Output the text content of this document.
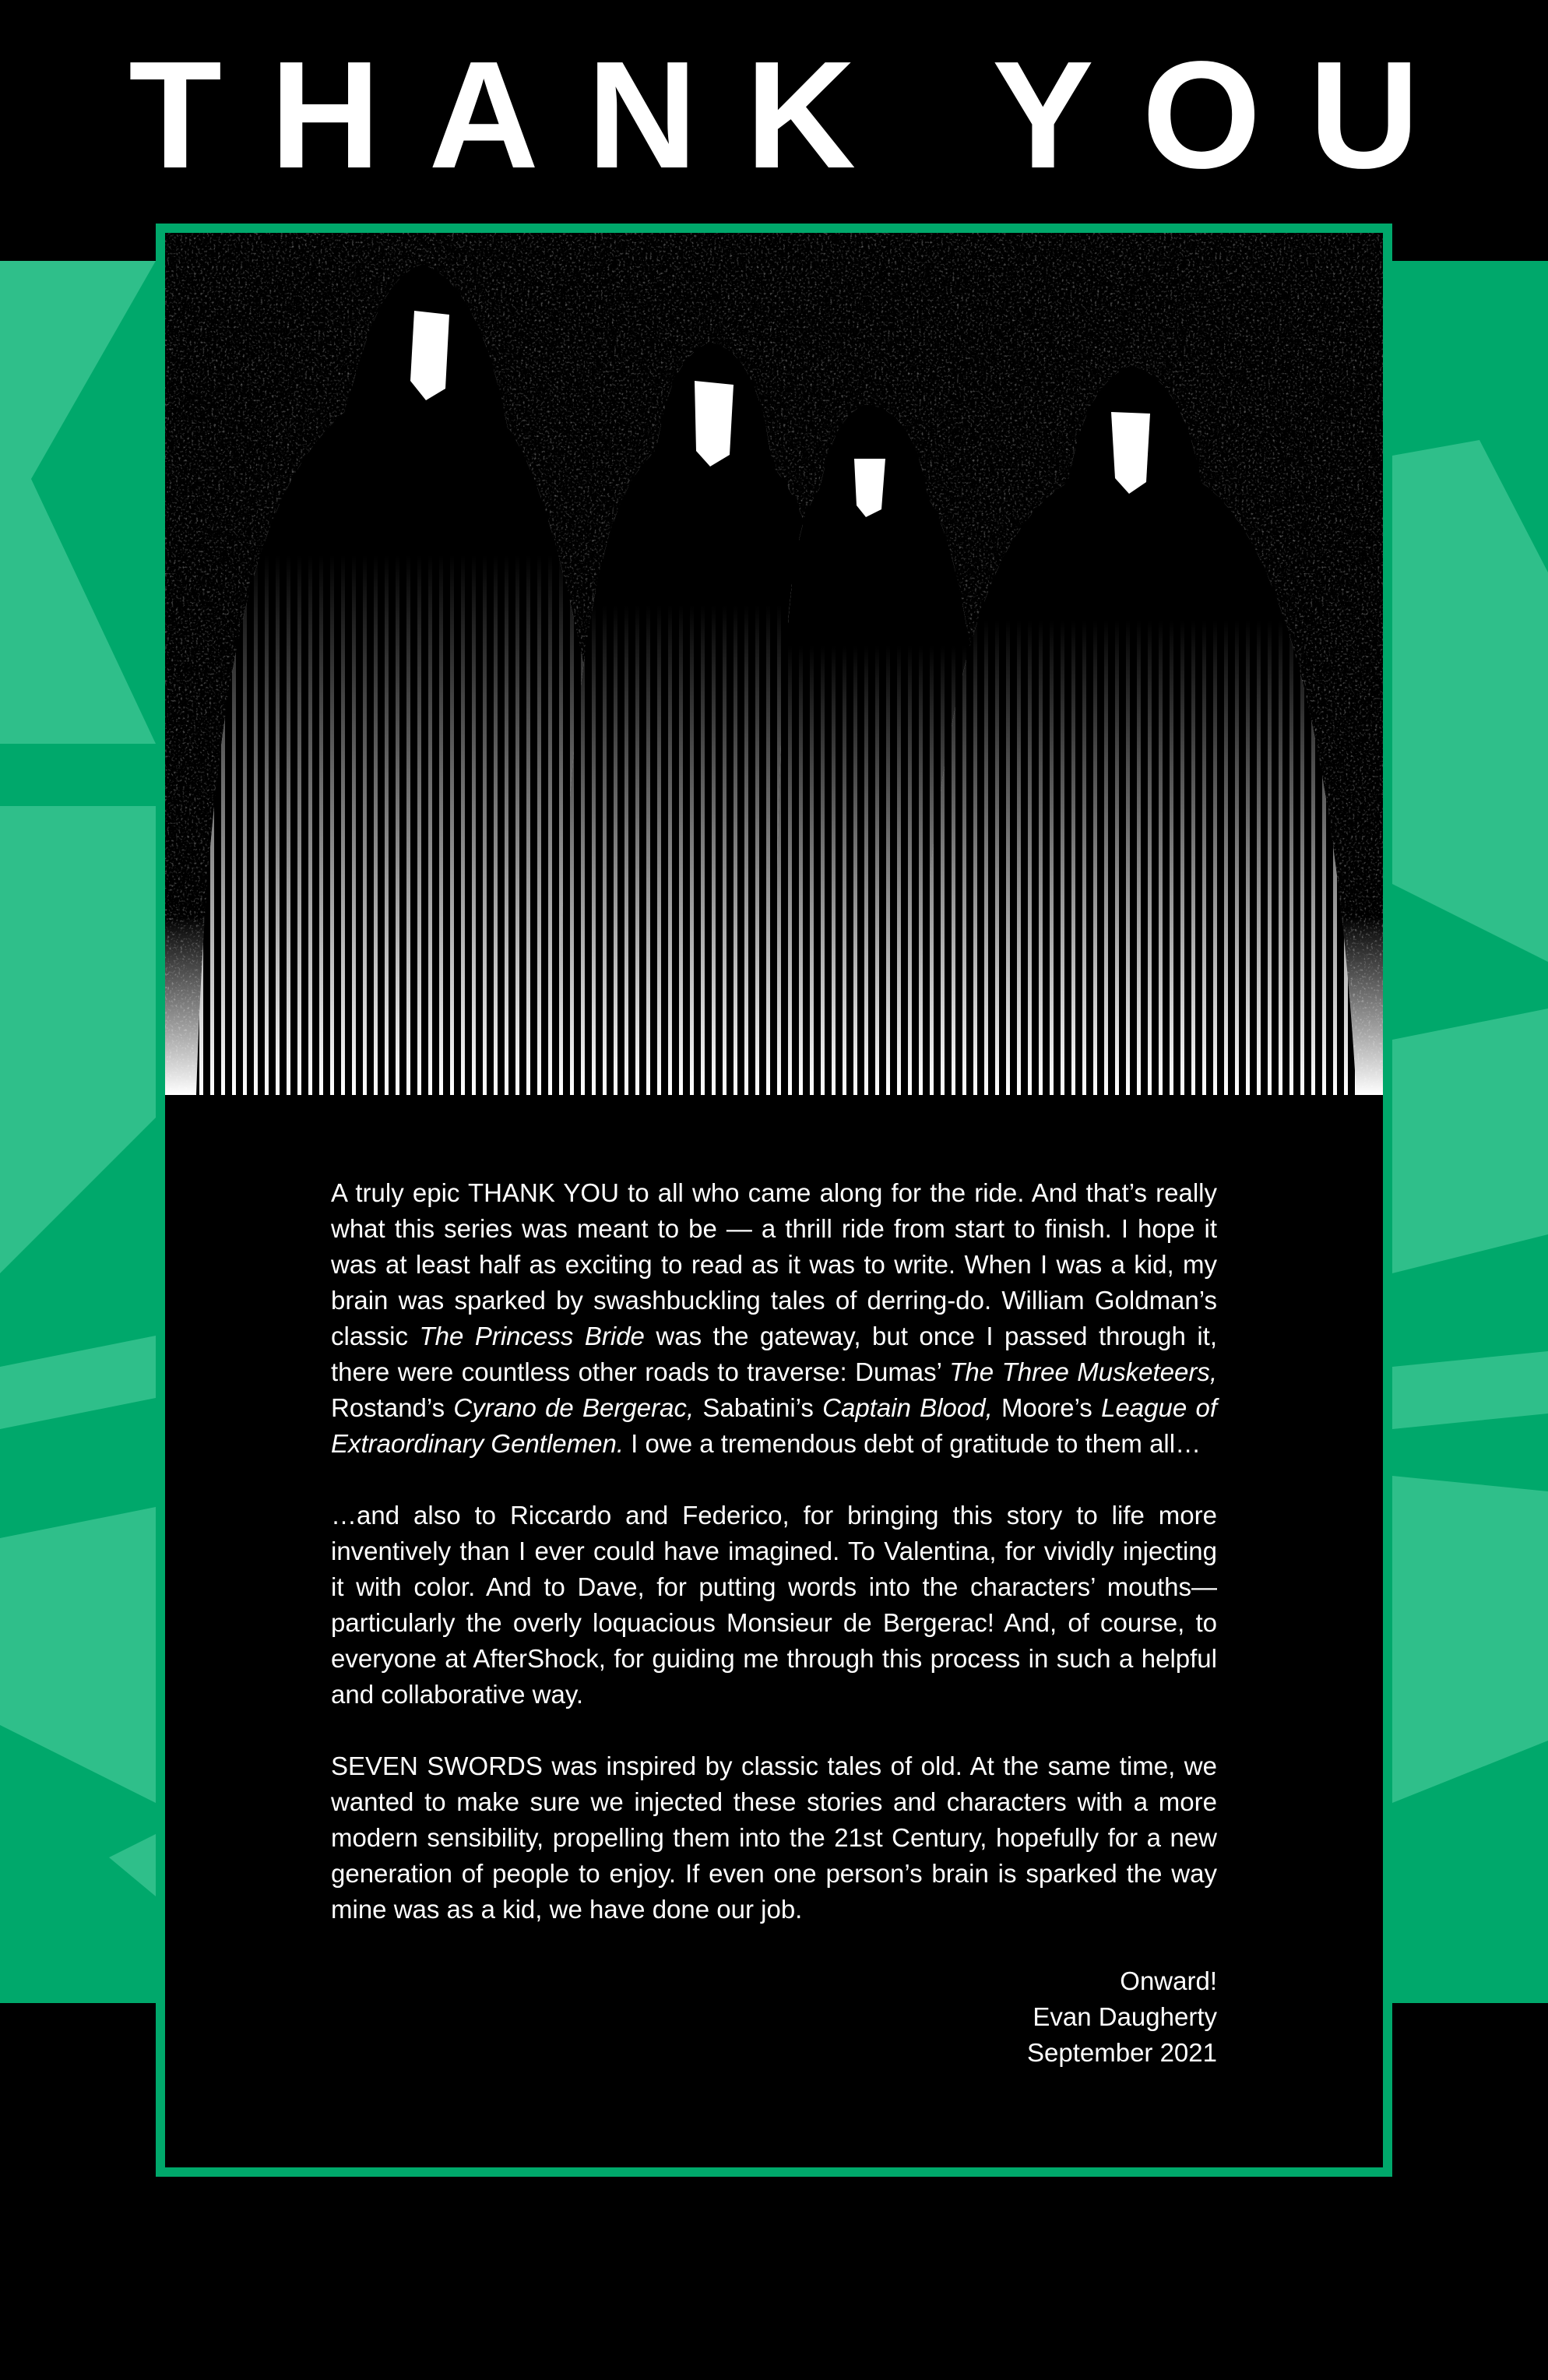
THANK YOU

A truly epic THANK YOU to all who came along for the ride. And that’s really what this series was meant to be — a thrill ride from start to finish. I hope it was at least half as exciting to read as it was to write. When I was a kid, my brain was sparked by swashbuckling tales of derring-do. William Goldman’s classic The Princess Bride was the gateway, but once I passed through it, there were countless other roads to traverse: Dumas’ The Three Musketeers, Rostand’s Cyrano de Bergerac, Sabatini’s Captain Blood, Moore’s League of Extraordinary Gentlemen. I owe a tremendous debt of gratitude to them all…

…and also to Riccardo and Federico, for bringing this story to life more inventively than I ever could have imagined. To Valentina, for vividly injecting it with color. And to Dave, for putting words into the characters’ mouths—particularly the overly loquacious Monsieur de Bergerac! And, of course, to everyone at AfterShock, for guiding me through this process in such a helpful and collaborative way.

SEVEN SWORDS was inspired by classic tales of old. At the same time, we wanted to make sure we injected these stories and characters with a more modern sensibility, propelling them into the 21st Century, hopefully for a new generation of people to enjoy. If even one person’s brain is sparked the way mine was as a kid, we have done our job.

Onward!
Evan Daugherty
September 2021
